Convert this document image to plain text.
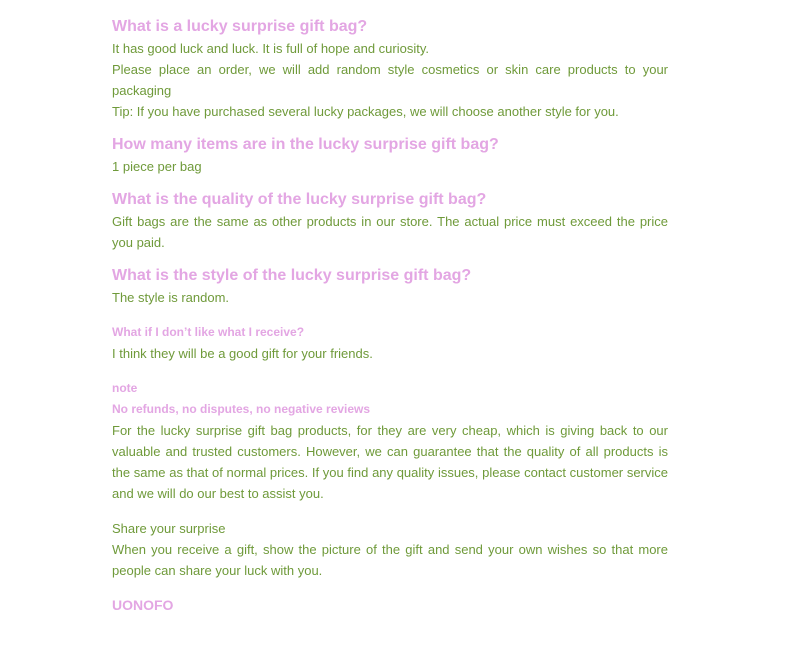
What is a lucky surprise gift bag?
It has good luck and luck. It is full of hope and curiosity.
Please place an order, we will add random style cosmetics or skin care products to your packaging
Tip: If you have purchased several lucky packages, we will choose another style for you.
How many items are in the lucky surprise gift bag?
1 piece per bag
What is the quality of the lucky surprise gift bag?
Gift bags are the same as other products in our store. The actual price must exceed the price you paid.
What is the style of the lucky surprise gift bag?
The style is random.
What if I don’t like what I receive?
I think they will be a good gift for your friends.
note
No refunds, no disputes, no negative reviews
For the lucky surprise gift bag products, for they are very cheap, which is giving back to our valuable and trusted customers. However, we can guarantee that the quality of all products is the same as that of normal prices. If you find any quality issues, please contact customer service and we will do our best to assist you.
Share your surprise
When you receive a gift, show the picture of the gift and send your own wishes so that more people can share your luck with you.
UONOFO
